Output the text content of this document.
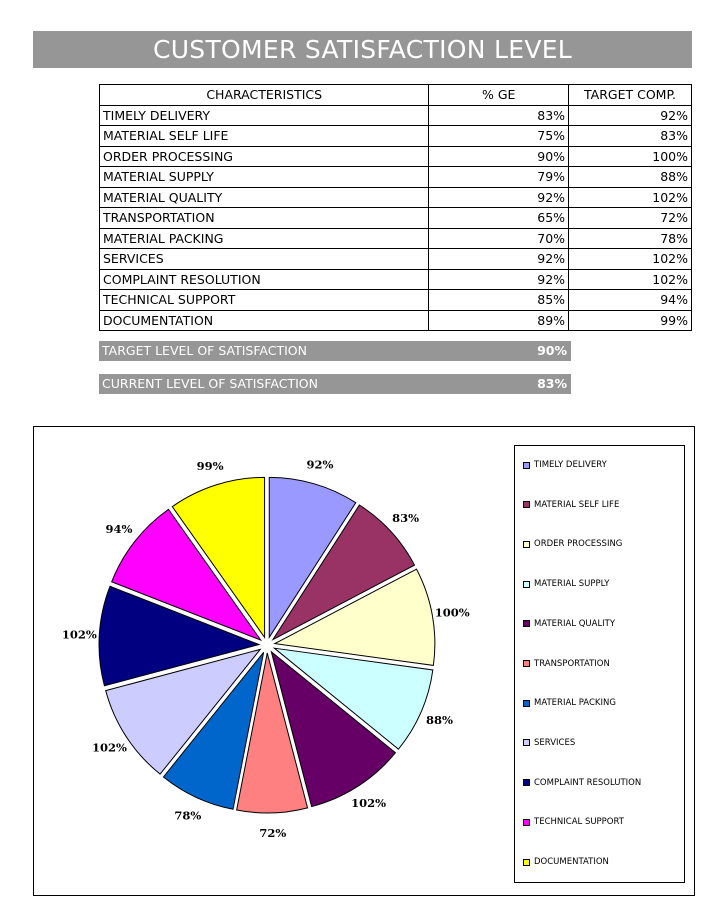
CUSTOMER SATISFACTION LEVEL
CHARACTERISTICS	% GE	TARGET COMP.
TIMELY DELIVERY	83%	92%
MATERIAL SELF LIFE	75%	83%
ORDER PROCESSING	90%	100%
MATERIAL SUPPLY	79%	88%
MATERIAL QUALITY	92%	102%
TRANSPORTATION	65%	72%
MATERIAL PACKING	70%	78%
SERVICES	92%	102%
COMPLAINT RESOLUTION	92%	102%
TECHNICAL SUPPORT	85%	94%
DOCUMENTATION	89%	99%
TARGET LEVEL OF SATISFACTION	90%
CURRENT LEVEL OF SATISFACTION	83%
92%
83%
100%
88%
102%
72%
78%
102%
102%
94%
99%	TIMELY DELIVERY
MATERIAL SELF LIFE
ORDER PROCESSING
MATERIAL SUPPLY
MATERIAL QUALITY
TRANSPORTATION
MATERIAL PACKING
SERVICES
COMPLAINT RESOLUTION
TECHNICAL SUPPORT
DOCUMENTATION
